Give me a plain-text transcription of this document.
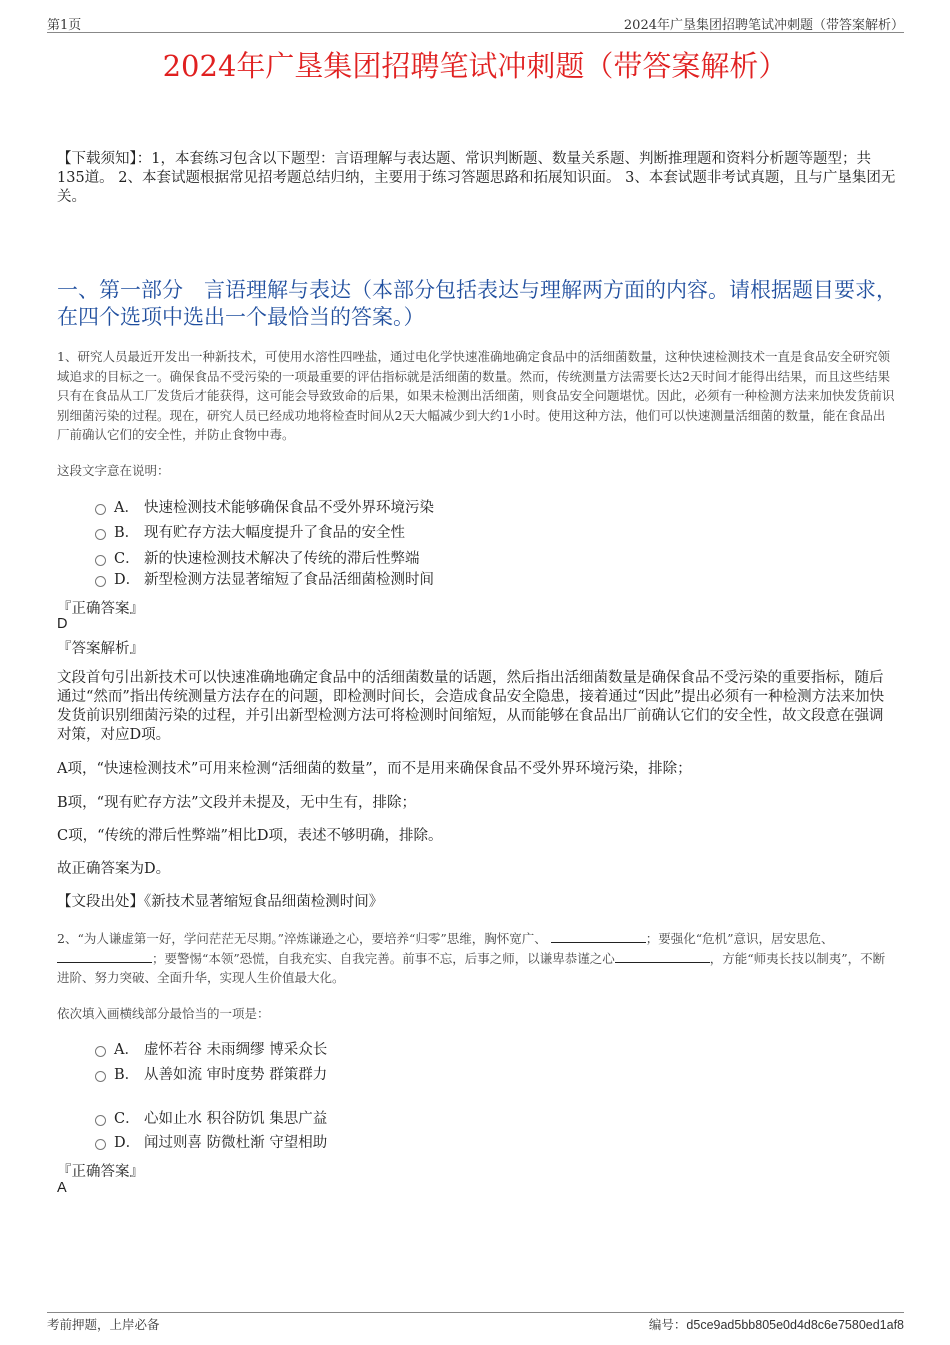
第1页	2024年广垦集团招聘笔试冲刺题（带答案解析）
2024年广垦集团招聘笔试冲刺题（带答案解析）
【下载须知】：1，本套练习包含以下题型：言语理解与表达题、常识判断题、数量关系题、判断推理题和资料分析题等题型；共135道。 2、本套试题根据常见招考题总结归纳，主要用于练习答题思路和拓展知识面。 3、本套试题非考试真题，且与广垦集团无关。
一、第一部分　言语理解与表达（本部分包括表达与理解两方面的内容。请根据题目要求，在四个选项中选出一个最恰当的答案。）
1、研究人员最近开发出一种新技术，可使用水溶性四唑盐，通过电化学快速准确地确定食品中的活细菌数量，这种快速检测技术一直是食品安全研究领域追求的目标之一。确保食品不受污染的一项最重要的评估指标就是活细菌的数量。然而，传统测量方法需要长达2天时间才能得出结果，而且这些结果只有在食品从工厂发货后才能获得，这可能会导致致命的后果，如果未检测出活细菌，则食品安全问题堪忧。因此，必须有一种检测方法来加快发货前识别细菌污染的过程。现在，研究人员已经成功地将检查时间从2天大幅减少到大约1小时。使用这种方法，他们可以快速测量活细菌的数量，能在食品出厂前确认它们的安全性，并防止食物中毒。
这段文字意在说明：
A． 快速检测技术能够确保食品不受外界环境污染
B． 现有贮存方法大幅度提升了食品的安全性
C． 新的快速检测技术解决了传统的滞后性弊端
D． 新型检测方法显著缩短了食品活细菌检测时间
『正确答案』
D
『答案解析』
文段首句引出新技术可以快速准确地确定食品中的活细菌数量的话题，然后指出活细菌数量是确保食品不受污染的重要指标，随后通过“然而”指出传统测量方法存在的问题，即检测时间长，会造成食品安全隐患，接着通过“因此”提出必须有一种检测方法来加快发货前识别细菌污染的过程，并引出新型检测方法可将检测时间缩短，从而能够在食品出厂前确认它们的安全性，故文段意在强调对策，对应D项。
A项，“快速检测技术”可用来检测“活细菌的数量”，而不是用来确保食品不受外界环境污染，排除；
B项，“现有贮存方法”文段并未提及，无中生有，排除；
C项，“传统的滞后性弊端”相比D项，表述不够明确，排除。
故正确答案为D。
【文段出处】《新技术显著缩短食品细菌检测时间》
2、“为人谦虚第一好，学问茫茫无尽期。”淬炼谦逊之心，要培养“归零”思维，胸怀宽广、	；要强化“危机”意识，居安思危、；要警惕“本领”恐慌，自我充实、自我完善。前事不忘，后事之师，以谦卑恭谨之心	，方能“师夷长技以制夷”，不断进阶、努力突破、全面升华，实现人生价值最大化。
依次填入画横线部分最恰当的一项是：
A． 虚怀若谷 未雨绸缪 博采众长
B． 从善如流 审时度势 群策群力
C． 心如止水 积谷防饥 集思广益
D． 闻过则喜 防微杜渐 守望相助
『正确答案』
A
考前押题，上岸必备	编号：d5ce9ad5bb805e0d4d8c6e7580ed1af8
